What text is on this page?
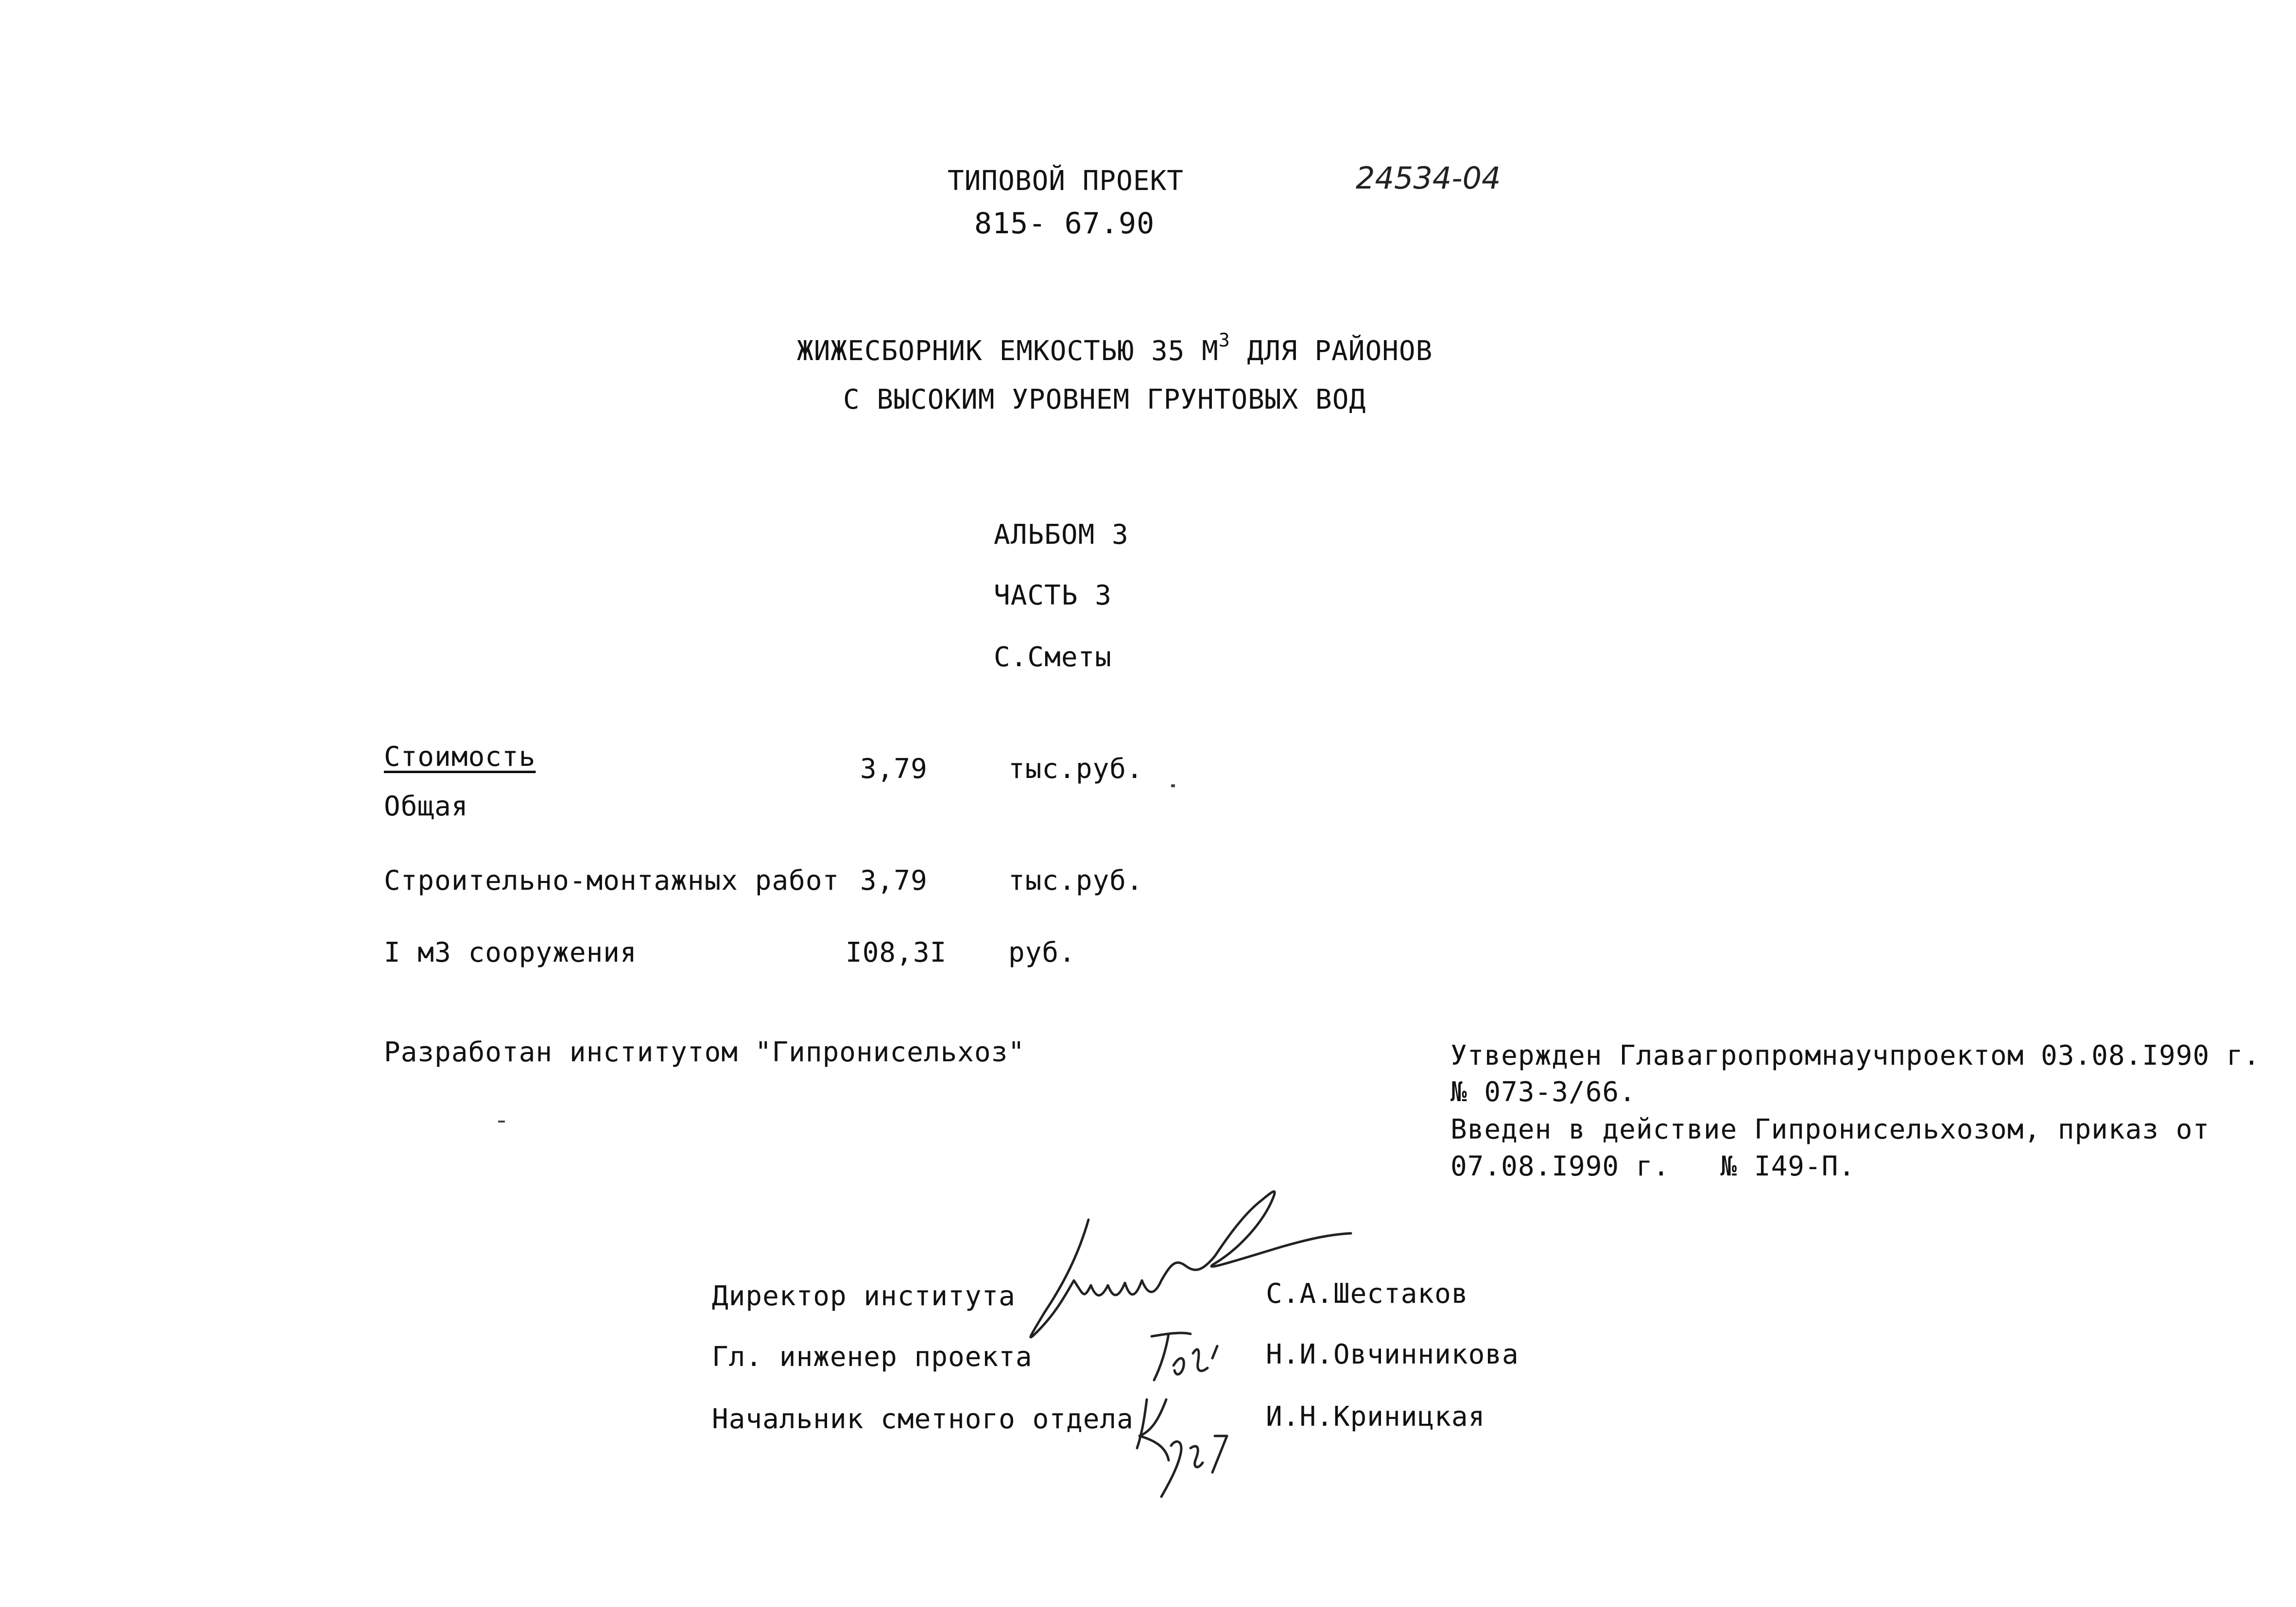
ТИПОВОЙ ПРОЕКТ
815- 67.90
24534-04
ЖИЖЕСБОРНИК ЕМКОСТЬЮ 35 $М^3$ ДЛЯ РАЙОНОВ
С ВЫСОКИМ УРОВНЕМ ГРУНТОВЫХ ВОД
АЛЬБОМ 3
ЧАСТЬ 3
С.Сметы
Стоимость
Общая
3,79	тыс.руб.
Строительно-монтажных работ 3,79	тыс.руб.
I м3 сооружения	I08,3I руб.
Разработан институтом "Гипронисельхоз"	Утвержден Главагропромнаучпроектом 03.08.I990 г.
№ 073-3/66.
Введен в действие Гипронисельхозом, приказ от
07.08.I990 г.   № I49-П.
Директор института	С.А.Шестаков
Гл. инженер проекта	Н.И.Овчинникова
Начальник сметного отдела	И.Н.Криницкая
